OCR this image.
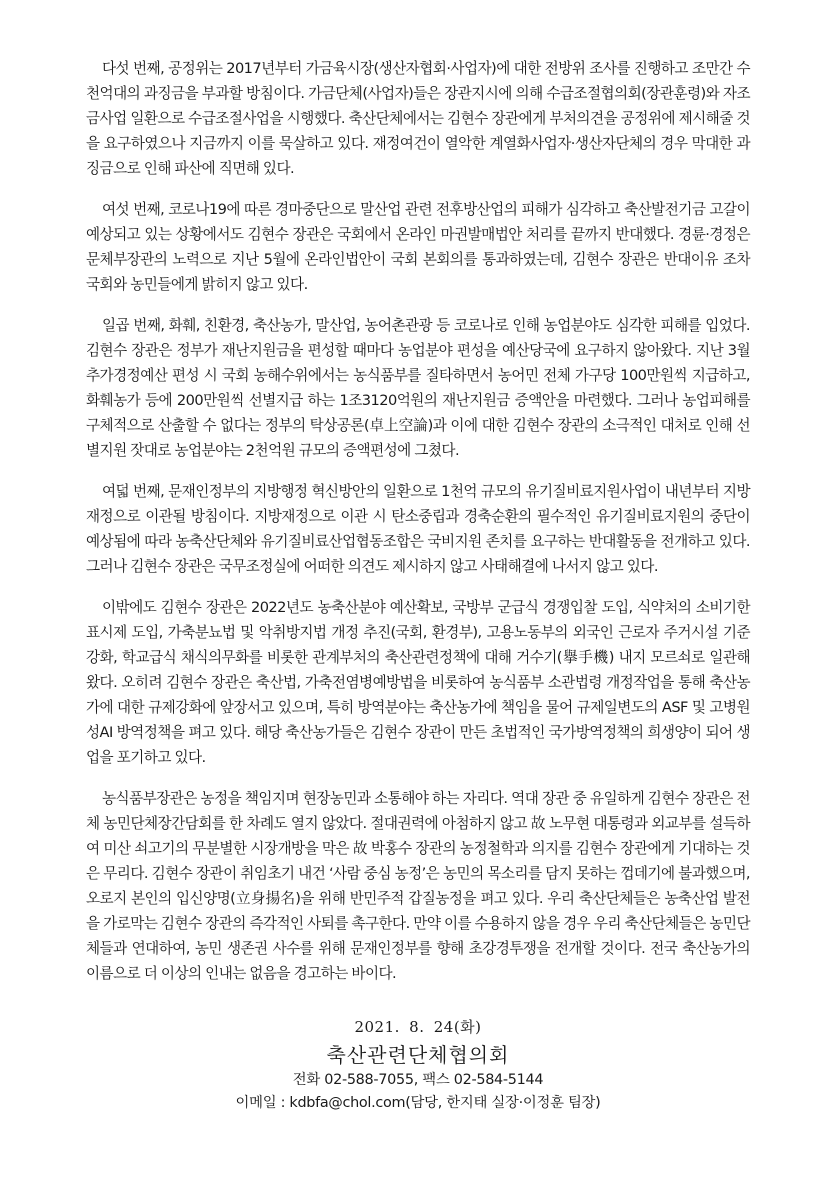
다섯 번째, 공정위는 2017년부터 가금육시장(생산자협회·사업자)에 대한 전방위 조사를 진행하고 조만간 수천억대의 과징금을 부과할 방침이다. 가금단체(사업자)들은 장관지시에 의해 수급조절협의회(장관훈령)와 자조금사업 일환으로 수급조절사업을 시행했다. 축산단체에서는 김현수 장관에게 부처의견을 공정위에 제시해줄 것을 요구하였으나 지금까지 이를 묵살하고 있다. 재정여건이 열악한 계열화사업자·생산자단체의 경우 막대한 과징금으로 인해 파산에 직면해 있다.

여섯 번째, 코로나19에 따른 경마중단으로 말산업 관련 전후방산업의 피해가 심각하고 축산발전기금 고갈이 예상되고 있는 상황에서도 김현수 장관은 국회에서 온라인 마권발매법안 처리를 끝까지 반대했다. 경륜·경정은 문체부장관의 노력으로 지난 5월에 온라인법안이 국회 본회의를 통과하였는데, 김현수 장관은 반대이유 조차 국회와 농민들에게 밝히지 않고 있다.

일곱 번째, 화훼, 친환경, 축산농가, 말산업, 농어촌관광 등 코로나로 인해 농업분야도 심각한 피해를 입었다. 김현수 장관은 정부가 재난지원금을 편성할 때마다 농업분야 편성을 예산당국에 요구하지 않아왔다. 지난 3월 추가경정예산 편성 시 국회 농해수위에서는 농식품부를 질타하면서 농어민 전체 가구당 100만원씩 지급하고, 화훼농가 등에 200만원씩 선별지급 하는 1조3120억원의 재난지원금 증액안을 마련했다. 그러나 농업피해를 구체적으로 산출할 수 없다는 정부의 탁상공론(卓上空論)과 이에 대한 김현수 장관의 소극적인 대처로 인해 선별지원 잣대로 농업분야는 2천억원 규모의 증액편성에 그쳤다.

여덟 번째, 문재인정부의 지방행정 혁신방안의 일환으로 1천억 규모의 유기질비료지원사업이 내년부터 지방재정으로 이관될 방침이다. 지방재정으로 이관 시 탄소중립과 경축순환의 필수적인 유기질비료지원의 중단이 예상됨에 따라 농축산단체와 유기질비료산업협동조합은 국비지원 존치를 요구하는 반대활동을 전개하고 있다. 그러나 김현수 장관은 국무조정실에 어떠한 의견도 제시하지 않고 사태해결에 나서지 않고 있다.

이밖에도 김현수 장관은 2022년도 농축산분야 예산확보, 국방부 군급식 경쟁입찰 도입, 식약처의 소비기한표시제 도입, 가축분뇨법 및 악취방지법 개정 추진(국회, 환경부), 고용노동부의 외국인 근로자 주거시설 기준 강화, 학교급식 채식의무화를 비롯한 관계부처의 축산관련정책에 대해 거수기(擧手機) 내지 모르쇠로 일관해 왔다. 오히려 김현수 장관은 축산법, 가축전염병예방법을 비롯하여 농식품부 소관법령 개정작업을 통해 축산농가에 대한 규제강화에 앞장서고 있으며, 특히 방역분야는 축산농가에 책임을 물어 규제일변도의 ASF 및 고병원성AI 방역정책을 펴고 있다. 해당 축산농가들은 김현수 장관이 만든 초법적인 국가방역정책의 희생양이 되어 생업을 포기하고 있다.

농식품부장관은 농정을 책임지며 현장농민과 소통해야 하는 자리다. 역대 장관 중 유일하게 김현수 장관은 전체 농민단체장간담회를 한 차례도 열지 않았다. 절대권력에 아첨하지 않고 故 노무현 대통령과 외교부를 설득하여 미산 쇠고기의 무분별한 시장개방을 막은 故 박홍수 장관의 농정철학과 의지를 김현수 장관에게 기대하는 것은 무리다. 김현수 장관이 취임초기 내건 ‘사람 중심 농정’은 농민의 목소리를 담지 못하는 껍데기에 불과했으며, 오로지 본인의 입신양명(立身揚名)을 위해 반민주적 갑질농정을 펴고 있다. 우리 축산단체들은 농축산업 발전을 가로막는 김현수 장관의 즉각적인 사퇴를 촉구한다. 만약 이를 수용하지 않을 경우 우리 축산단체들은 농민단체들과 연대하여, 농민 생존권 사수를 위해 문재인정부를 향해 초강경투쟁을 전개할 것이다. 전국 축산농가의 이름으로 더 이상의 인내는 없음을 경고하는 바이다.

2021. 8. 24(화)
축산관련단체협의회
전화 02-588-7055, 팩스 02-584-5144
이메일 : kdbfa@chol.com(담당, 한지태 실장·이정훈 팀장)
